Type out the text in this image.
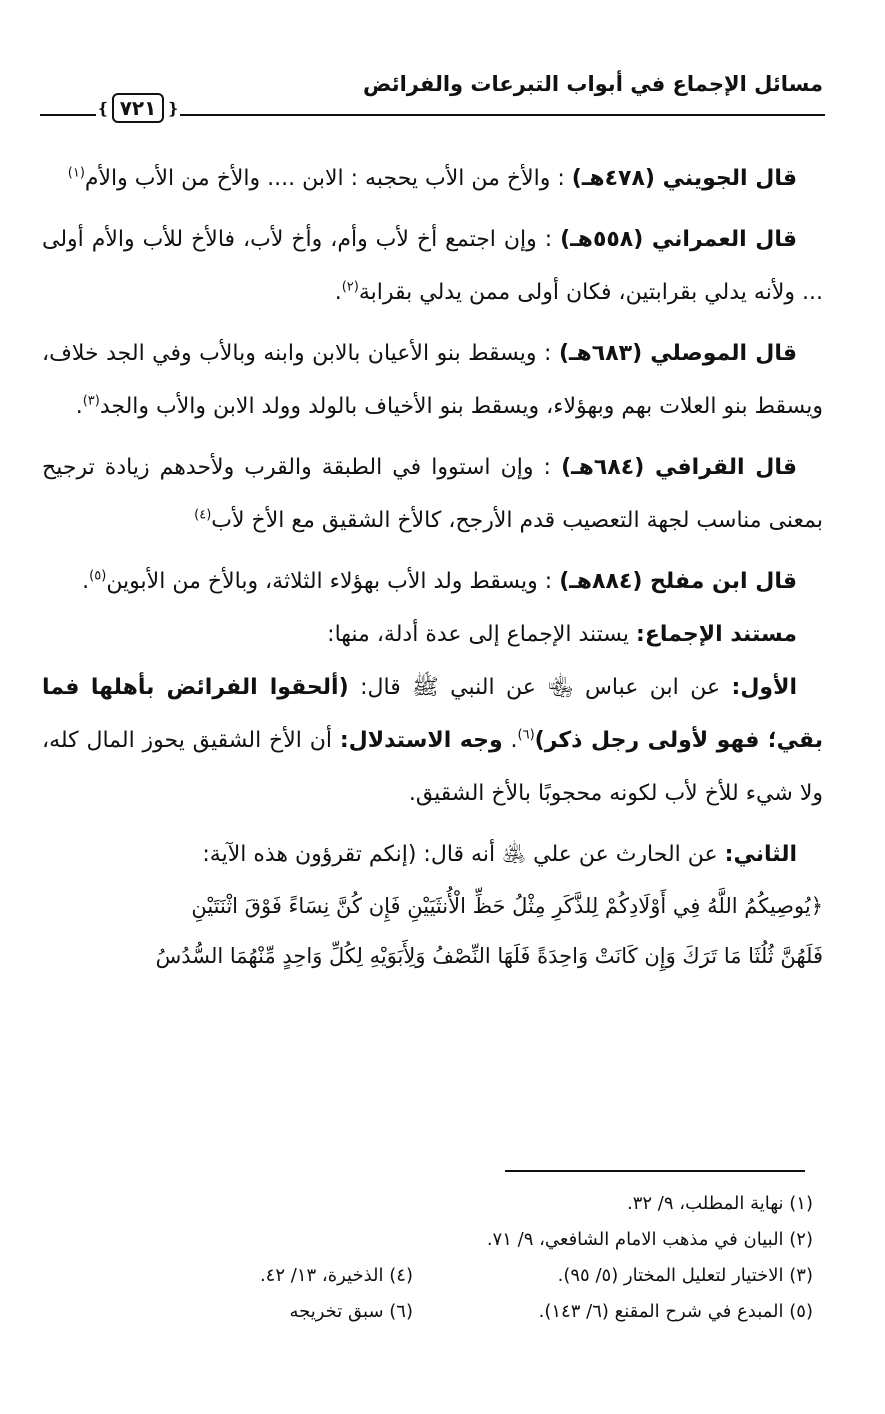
مسائل الإجماع في أبواب التبرعات والفرائض
❴
٧٢١
❵

قال الجويني (٤٧٨هـ) : والأخ من الأب يحجبه : الابن .... والأخ من الأب والأم$^{(١)}$

قال العمراني (٥٥٨هـ) : وإن اجتمع أخ لأب وأم، وأخ لأب، فالأخ للأب والأم أولى ... ولأنه يدلي بقرابتين، فكان أولى ممن يدلي بقرابة$^{(٢)}$.

قال الموصلي (٦٨٣هـ) : ويسقط بنو الأعيان بالابن وابنه وبالأب وفي الجد خلاف، ويسقط بنو العلات بهم وبهؤلاء، ويسقط بنو الأخياف بالولد وولد الابن والأب والجد$^{(٣)}$.

قال القرافي (٦٨٤هـ) : وإن استووا في الطبقة والقرب ولأحدهم زيادة ترجيح بمعنى مناسب لجهة التعصيب قدم الأرجح، كالأخ الشقيق مع الأخ لأب$^{(٤)}$

قال ابن مفلح (٨٨٤هـ) : ويسقط ولد الأب بهؤلاء الثلاثة، وبالأخ من الأبوين$^{(٥)}$.

مستند الإجماع: يستند الإجماع إلى عدة أدلة، منها:

الأول: عن ابن عباس ﵄ عن النبي ﷺ قال: (ألحقوا الفرائض بأهلها فما بقي؛ فهو لأولى رجل ذكر)$^{(٦)}$. وجه الاستدلال: أن الأخ الشقيق يحوز المال كله، ولا شيء للأخ لأب لكونه محجوبًا بالأخ الشقيق.

الثاني: عن الحارث عن علي ﵁ أنه قال: (إنكم تقرؤون هذه الآية:

﴿يُوصِيكُمُ اللَّهُ فِي أَوْلَادِكُمْ لِلذَّكَرِ مِثْلُ حَظِّ الْأُنثَيَيْنِ فَإِن كُنَّ نِسَاءً فَوْقَ اثْنَتَيْنِ

فَلَهُنَّ ثُلُثَا مَا تَرَكَ وَإِن كَانَتْ وَاحِدَةً فَلَهَا النِّصْفُ وَلِأَبَوَيْهِ لِكُلِّ وَاحِدٍ مِّنْهُمَا السُّدُسُ

(١) نهاية المطلب، ٩/ ٣٢.
(٢) البيان في مذهب الامام الشافعي، ٩/ ٧١.
(٣) الاختيار لتعليل المختار (٥/ ٩٥).
(٤) الذخيرة، ١٣/ ٤٢.
(٥) المبدع في شرح المقنع (٦/ ١٤٣).
(٦) سبق تخريجه
